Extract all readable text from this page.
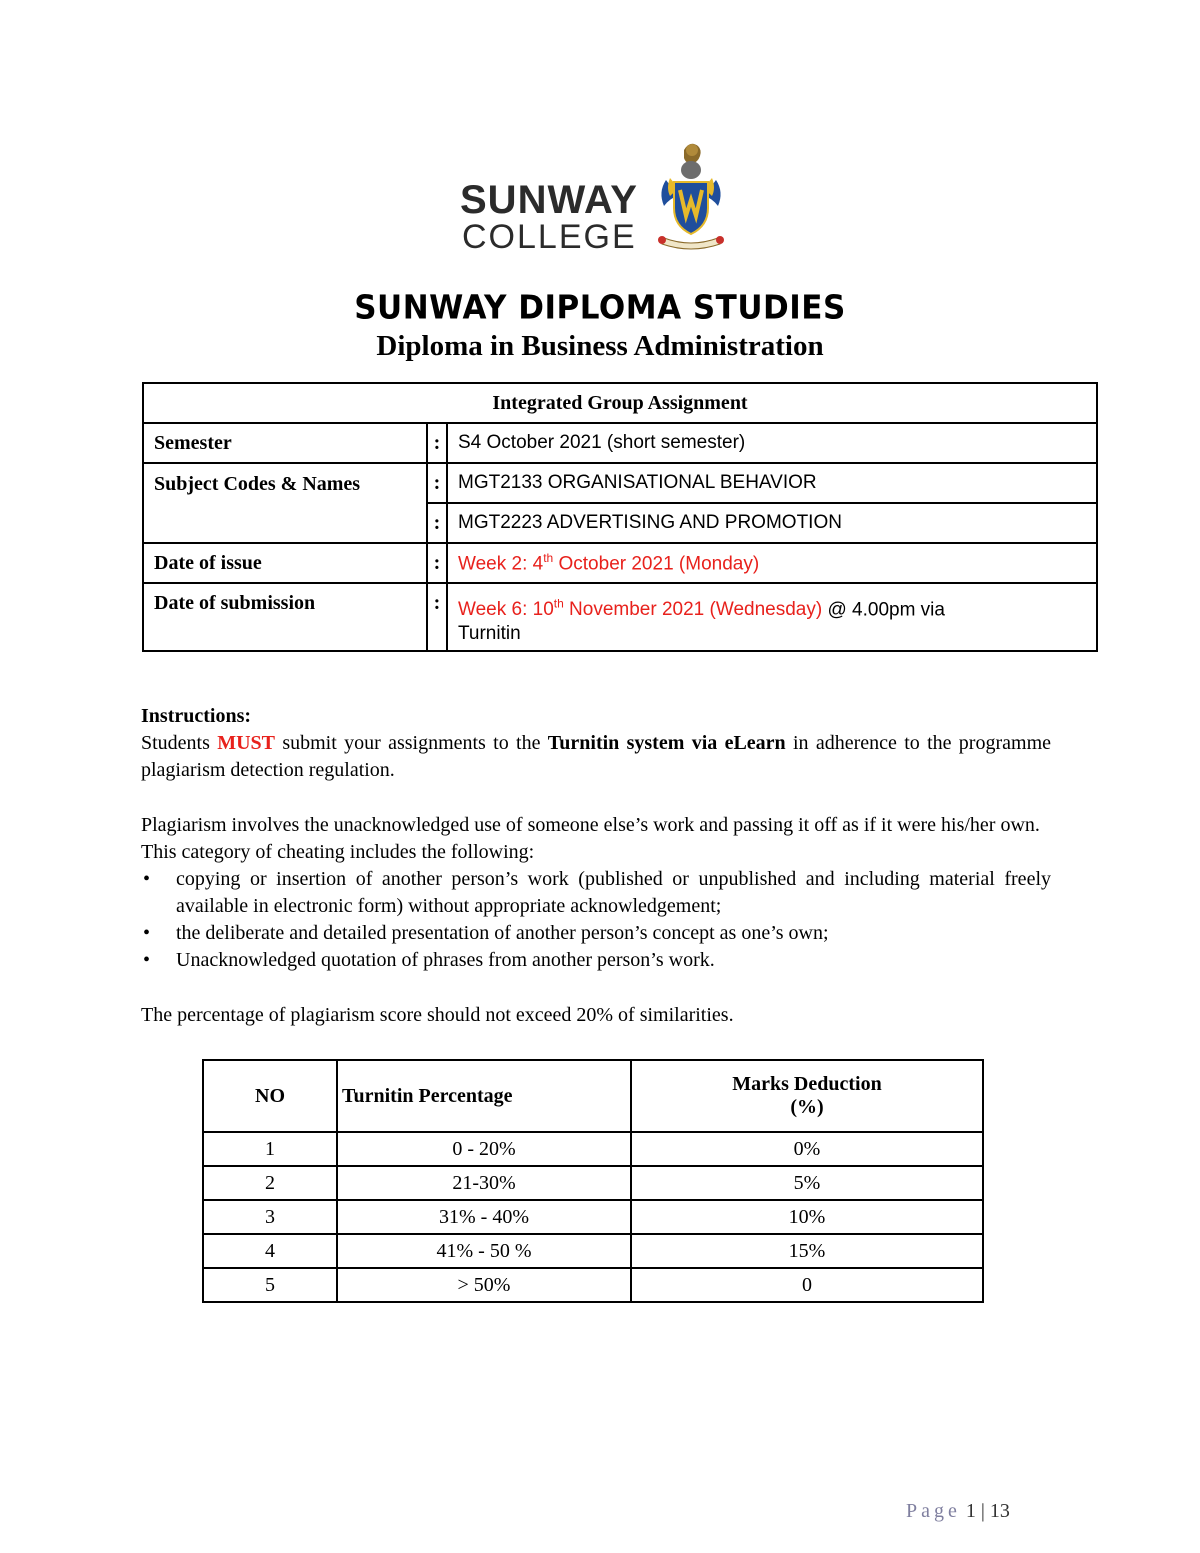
SUNWAY
COLLEGE
SUNWAY DIPLOMA STUDIES
Diploma in Business Administration
Integrated Group Assignment		
Semester	:	S4 October 2021 (short semester)
Subject Codes & Names	:	MGT2133 ORGANISATIONAL BEHAVIOR
	:	MGT2223 ADVERTISING AND PROMOTION
Date of issue	:	Week 2: 4th October 2021 (Monday)
Date of submission	:	Week 6: 10th November 2021 (Wednesday) @ 4.00pm via
Turnitin

Instructions:

Students MUST submit your assignments to the Turnitin system via eLearn in adherence to the programme plagiarism detection regulation.

Plagiarism involves the unacknowledged use of someone else’s work and passing it off as if it were his/her own. This category of cheating includes the following:

• copying or insertion of another person’s work (published or unpublished and including material freely available in electronic form) without appropriate acknowledgement;
• the deliberate and detailed presentation of another person’s concept as one’s own;
• Unacknowledged quotation of phrases from another person’s work.

The percentage of plagiarism score should not exceed 20% of similarities.

NO	Turnitin Percentage	Marks Deduction
(%)
1	0 - 20%	0%
2	21-30%	5%
3	31% - 40%	10%
4	41% - 50 %	15%
5	> 50%	0
Page 1 | 13
